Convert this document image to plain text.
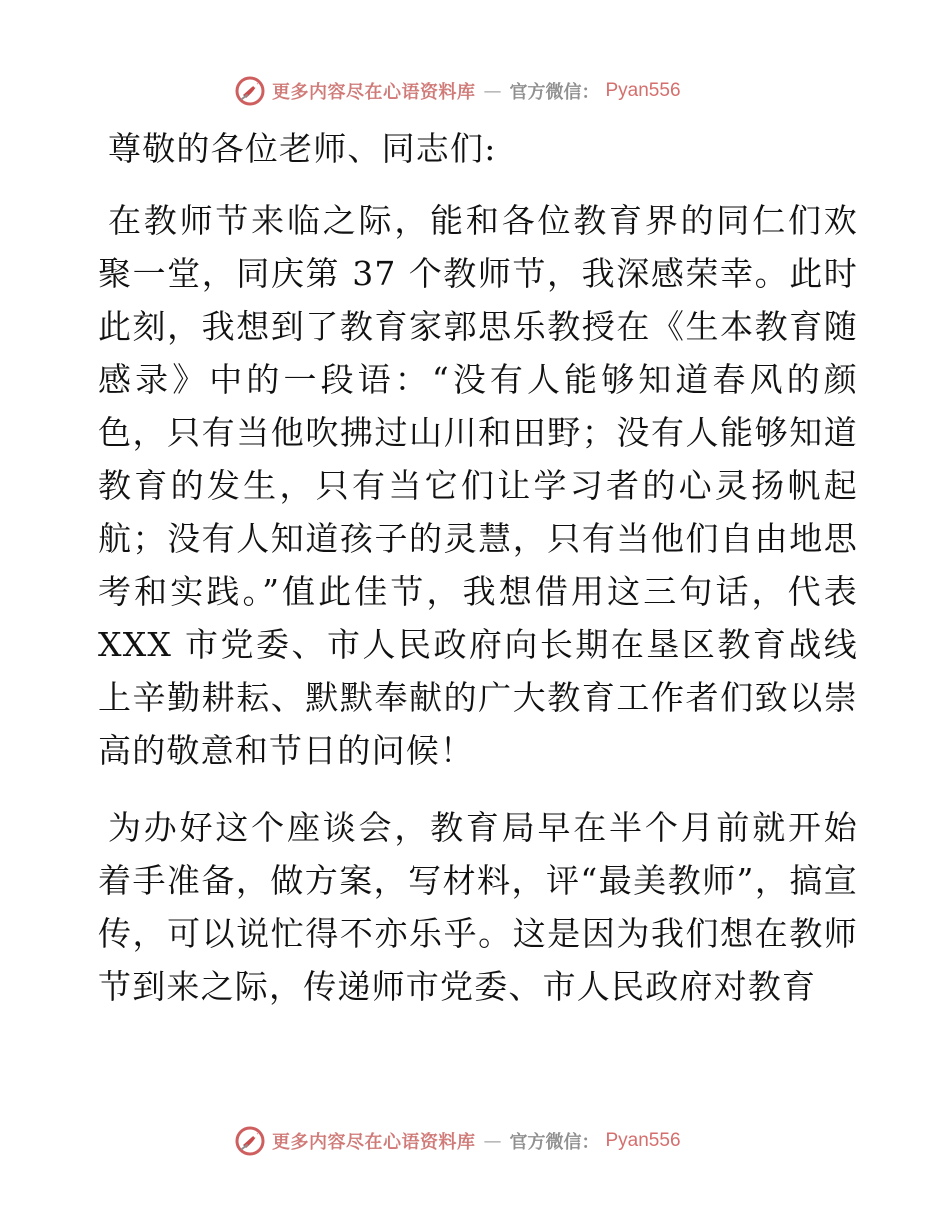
更多内容尽在心语资料库 — 官方微信： Pyan556

尊敬的各位老师、同志们:

在教师节来临之际，能和各位教育界的同仁们欢聚一堂，同庆第 37 个教师节，我深感荣幸。此时此刻，我想到了教育家郭思乐教授在《生本教育随感录》中的一段语：“没有人能够知道春风的颜色，只有当他吹拂过山川和田野；没有人能够知道教育的发生，只有当它们让学习者的心灵扬帆起航；没有人知道孩子的灵慧，只有当他们自由地思考和实践。”值此佳节，我想借用这三句话，代表XXX 市党委、市人民政府向长期在垦区教育战线上辛勤耕耘、默默奉献的广大教育工作者们致以崇高的敬意和节日的问候！

为办好这个座谈会，教育局早在半个月前就开始着手准备，做方案，写材料，评“最美教师”，搞宣传，可以说忙得不亦乐乎。这是因为我们想在教师节到来之际，传递师市党委、市人民政府对教育

更多内容尽在心语资料库 — 官方微信： Pyan556
